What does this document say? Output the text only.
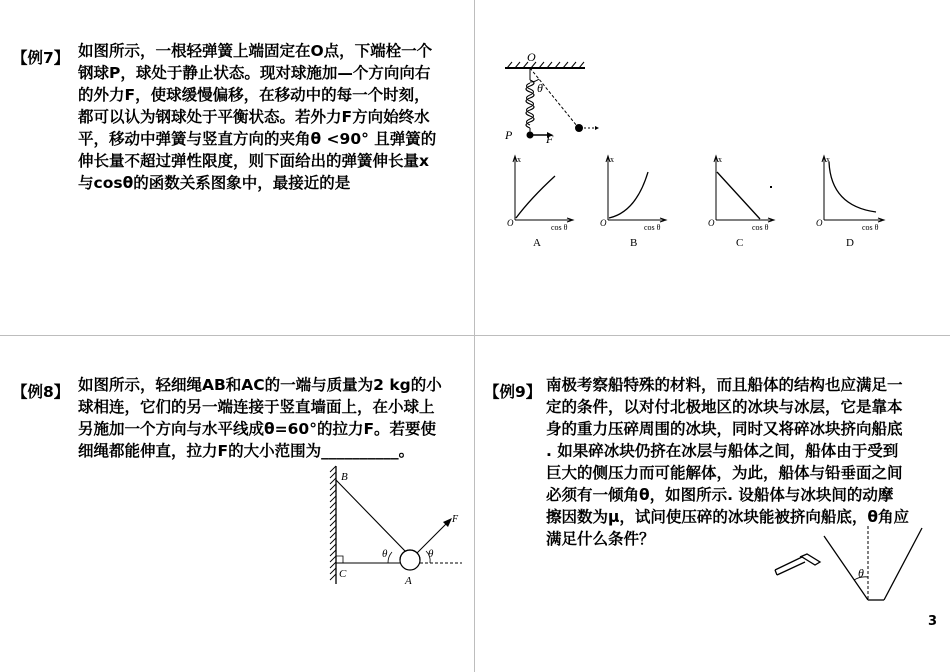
【例7】 如图所示，一根轻弹簧上端固定在O点，下端栓一个

钢球P，球处于静止状态。现对球施加—个方向向右

的外力F，使球缓慢偏移，在移动中的每一个时刻，

都可以认为钢球处于平衡状态。若外力F方向始终水

平，移动中弹簧与竖直方向的夹角θ <90° 且弹簧的

伸长量不超过弹性限度，则下面给出的弹簧伸长量x

与cosθ的函数关系图象中，最接近的是

O
P	F
θ
x
cos θ
O
A
x
cos θ
O
B
x
cos θ
O
C
x
cos θ
O
D
【例8】 如图所示，轻细绳AB和AC的一端与质量为2 kg的小

球相连，它们的另一端连接于竖直墙面上，在小球上

另施加一个方向与水平线成θ=60°的拉力F。若要使

细绳都能伸直，拉力F的大小范围为__________。

B
C
A
F
θ	θ
【例9】 南极考察船特殊的材料，而且船体的结构也应满足一

定的条件，以对付北极地区的冰块与冰层，它是靠本

身的重力压碎周围的冰块，同时又将碎冰块挤向船底

. 如果碎冰块仍挤在冰层与船体之间，船体由于受到

巨大的侧压力而可能解体，为此，船体与铅垂面之间

必须有一倾角θ，如图所示. 设船体与冰块间的动摩

擦因数为μ，试问使压碎的冰块能被挤向船底，θ角应

满足什么条件？

θ
3
